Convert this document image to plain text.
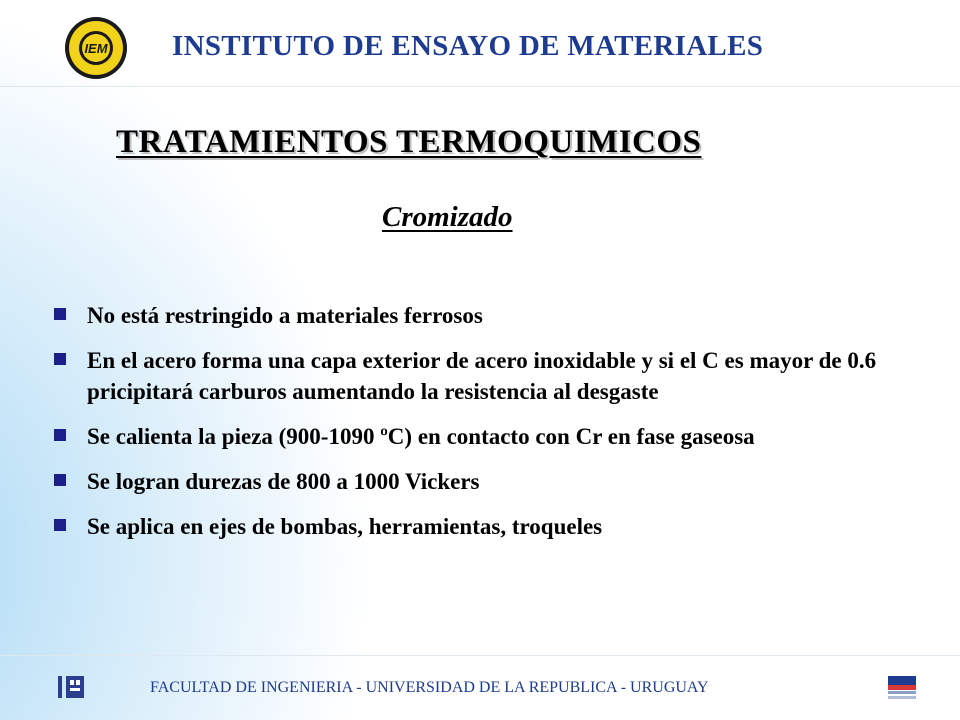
IEM INSTITUTO DE ENSAYO DE MATERIALES
TRATAMIENTOS TERMOQUIMICOS
Cromizado
No está restringido a materiales ferrosos
En el acero forma una capa exterior de acero inoxidable y si el C es mayor de 0.6 pricipitará carburos aumentando la resistencia al desgaste
Se calienta la pieza (900-1090 ºC) en contacto con Cr en fase gaseosa
Se logran durezas de 800 a 1000 Vickers
Se aplica en ejes de bombas, herramientas, troqueles
FACULTAD DE INGENIERIA - UNIVERSIDAD DE LA REPUBLICA - URUGUAY
